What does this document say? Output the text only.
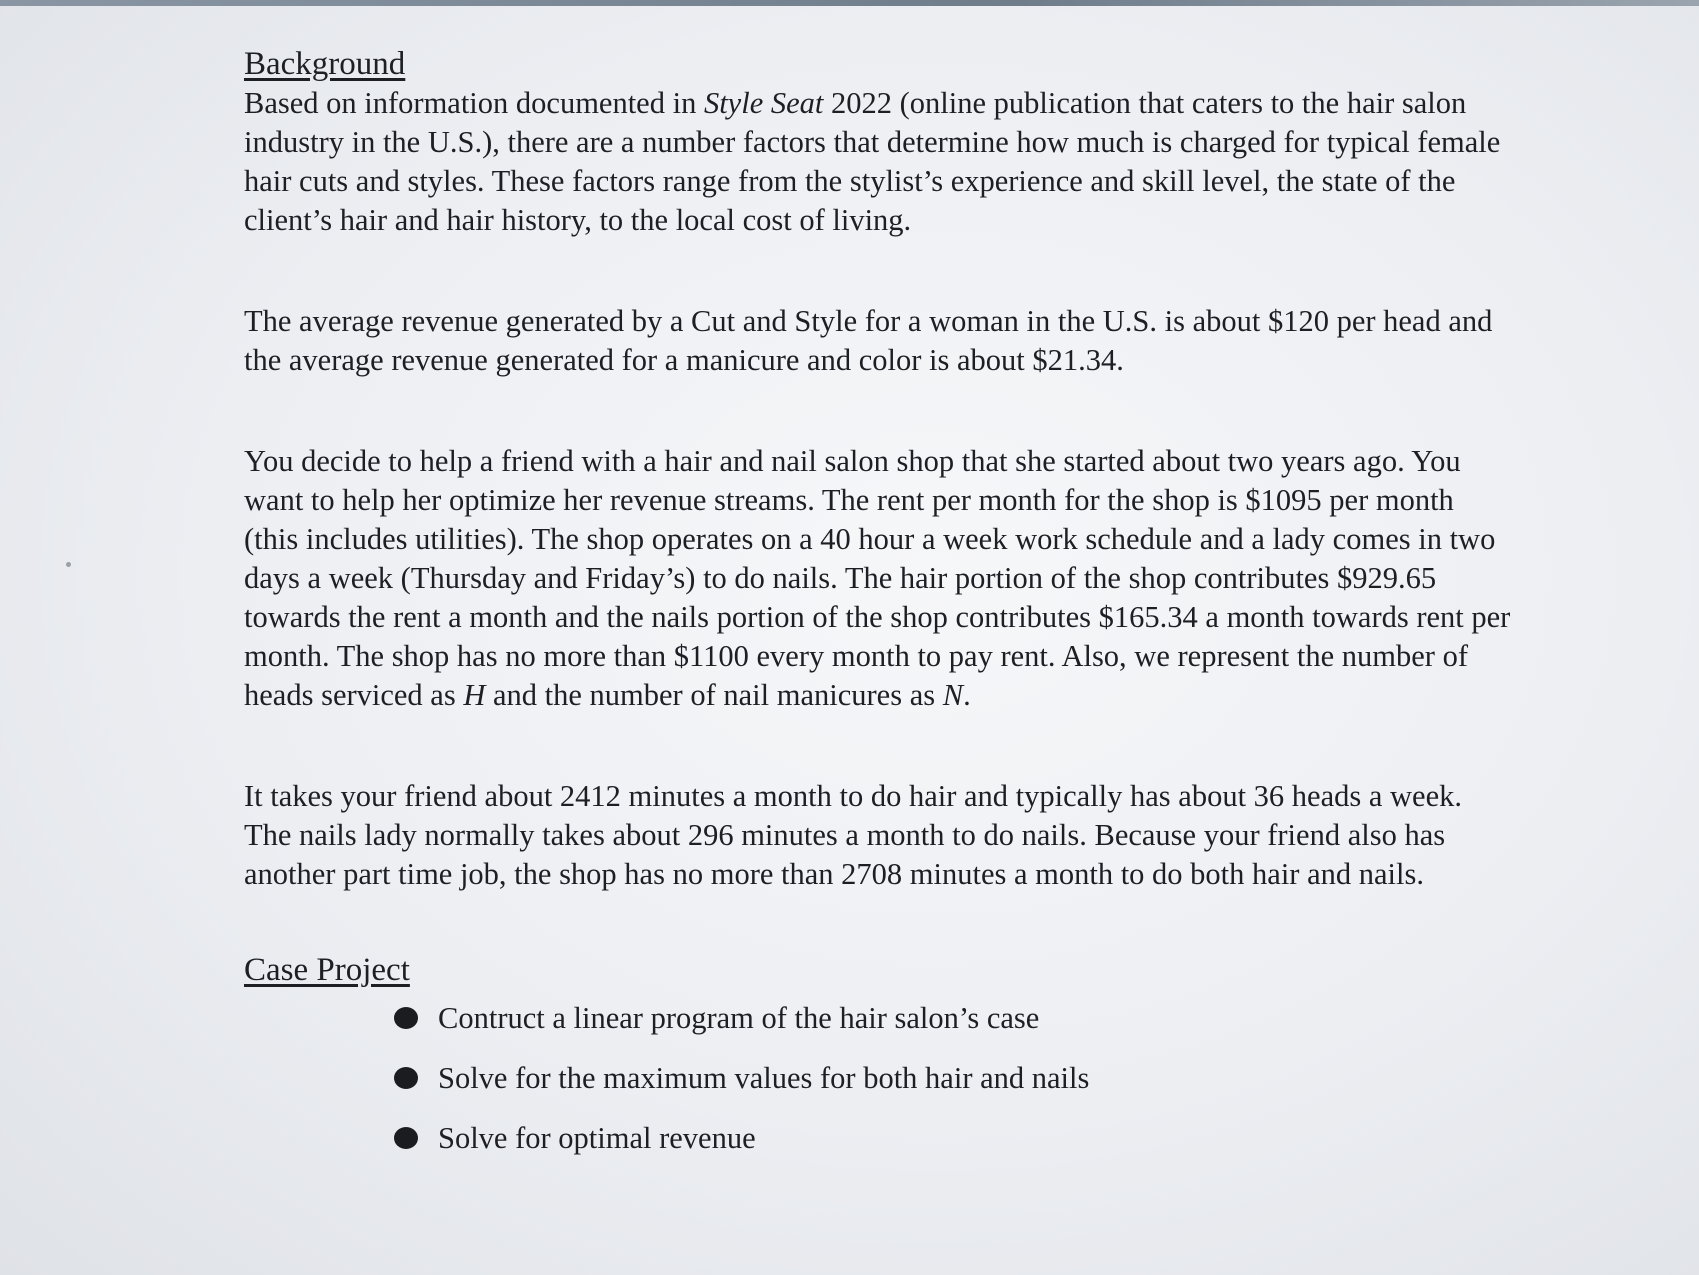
Background

Based on information documented in Style Seat 2022 (online publication that caters to the hair salon industry in the U.S.), there are a number factors that determine how much is charged for typical female hair cuts and styles. These factors range from the stylist’s experience and skill level, the state of the client’s hair and hair history, to the local cost of living.

The average revenue generated by a Cut and Style for a woman in the U.S. is about $120 per head and the average revenue generated for a manicure and color is about $21.34.

You decide to help a friend with a hair and nail salon shop that she started about two years ago. You want to help her optimize her revenue streams. The rent per month for the shop is $1095 per month (this includes utilities). The shop operates on a 40 hour a week work schedule and a lady comes in two days a week (Thursday and Friday’s) to do nails. The hair portion of the shop contributes $929.65 towards the rent a month and the nails portion of the shop contributes $165.34 a month towards rent per month. The shop has no more than $1100 every month to pay rent. Also, we represent the number of heads serviced as H and the number of nail manicures as N.

It takes your friend about 2412 minutes a month to do hair and typically has about 36 heads a week. The nails lady normally takes about 296 minutes a month to do nails. Because your friend also has another part time job, the shop has no more than 2708 minutes a month to do both hair and nails.

Case Project

Contruct a linear program of the hair salon’s case
Solve for the maximum values for both hair and nails
Solve for optimal revenue
